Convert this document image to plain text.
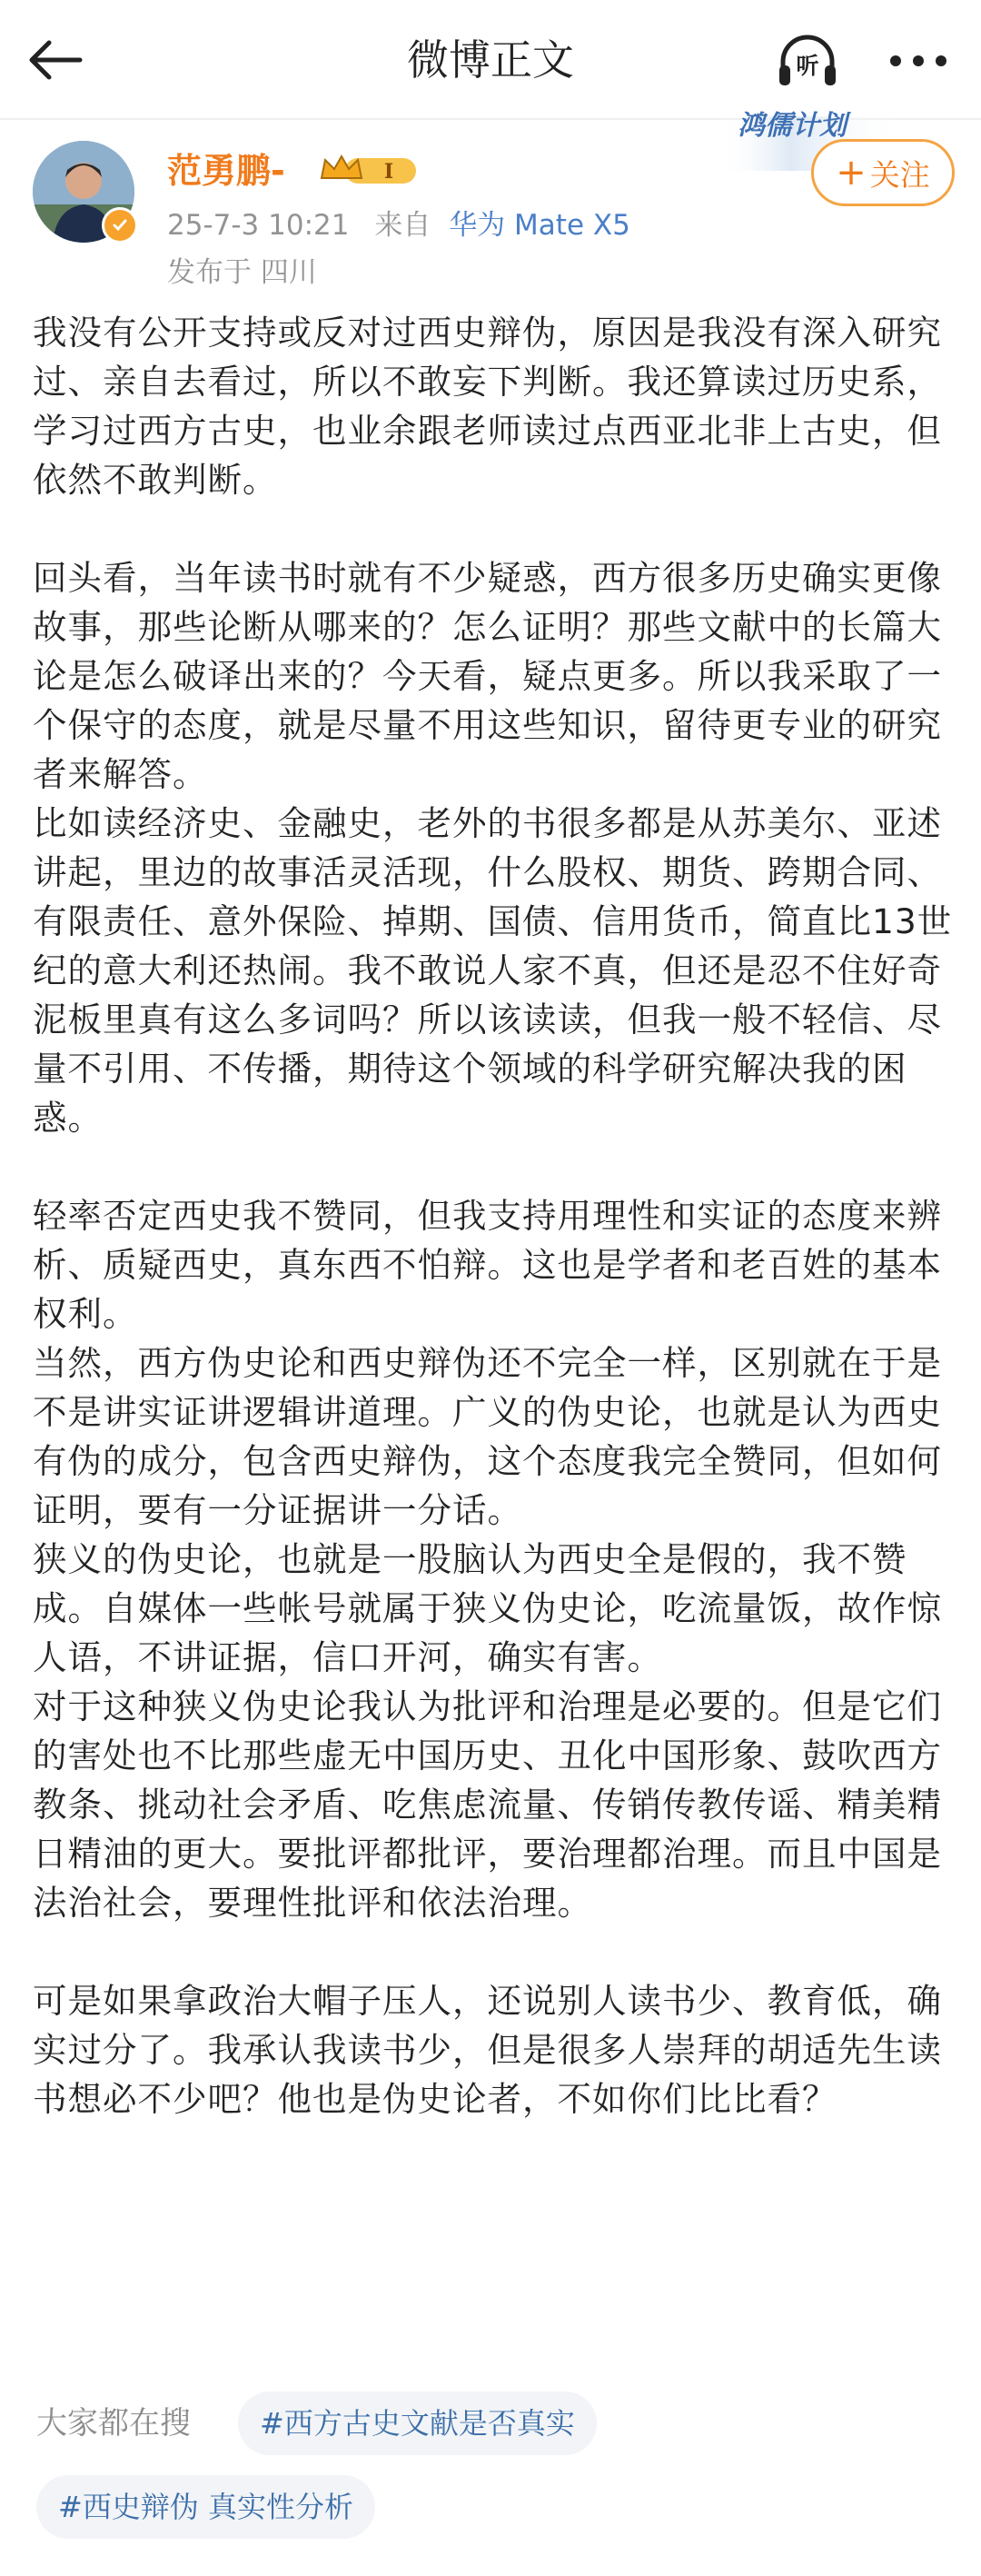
微博正文	听
鸿儒计划
范勇鹏-	I
25-7-3 10:21 来自 华为 Mate X5
发布于 四川
+ 关注

我没有公开支持或反对过西史辩伪，原因是我没有深入研究过、亲自去看过，所以不敢妄下判断。我还算读过历史系，学习过西方古史，也业余跟老师读过点西亚北非上古史，但依然不敢判断。

回头看，当年读书时就有不少疑惑，西方很多历史确实更像故事，那些论断从哪来的？怎么证明？那些文献中的长篇大论是怎么破译出来的？今天看，疑点更多。所以我采取了一个保守的态度，就是尽量不用这些知识，留待更专业的研究者来解答。

比如读经济史、金融史，老外的书很多都是从苏美尔、亚述讲起，里边的故事活灵活现，什么股权、期货、跨期合同、有限责任、意外保险、掉期、国债、信用货币，简直比13世纪的意大利还热闹。我不敢说人家不真，但还是忍不住好奇泥板里真有这么多词吗？所以该读读，但我一般不轻信、尽量不引用、不传播，期待这个领域的科学研究解决我的困惑。

轻率否定西史我不赞同，但我支持用理性和实证的态度来辨析、质疑西史，真东西不怕辩。这也是学者和老百姓的基本权利。

当然，西方伪史论和西史辩伪还不完全一样，区别就在于是不是讲实证讲逻辑讲道理。广义的伪史论，也就是认为西史有伪的成分，包含西史辩伪，这个态度我完全赞同，但如何证明，要有一分证据讲一分话。

狭义的伪史论，也就是一股脑认为西史全是假的，我不赞成。自媒体一些帐号就属于狭义伪史论，吃流量饭，故作惊人语，不讲证据，信口开河，确实有害。

对于这种狭义伪史论我认为批评和治理是必要的。但是它们的害处也不比那些虚无中国历史、丑化中国形象、鼓吹西方教条、挑动社会矛盾、吃焦虑流量、传销传教传谣、精美精日精油的更大。要批评都批评，要治理都治理。而且中国是法治社会，要理性批评和依法治理。

可是如果拿政治大帽子压人，还说别人读书少、教育低，确实过分了。我承认我读书少，但是很多人崇拜的胡适先生读书想必不少吧？他也是伪史论者，不如你们比比看？

大家都在搜	#西方古史文献是否真实
#西史辩伪 真实性分析
